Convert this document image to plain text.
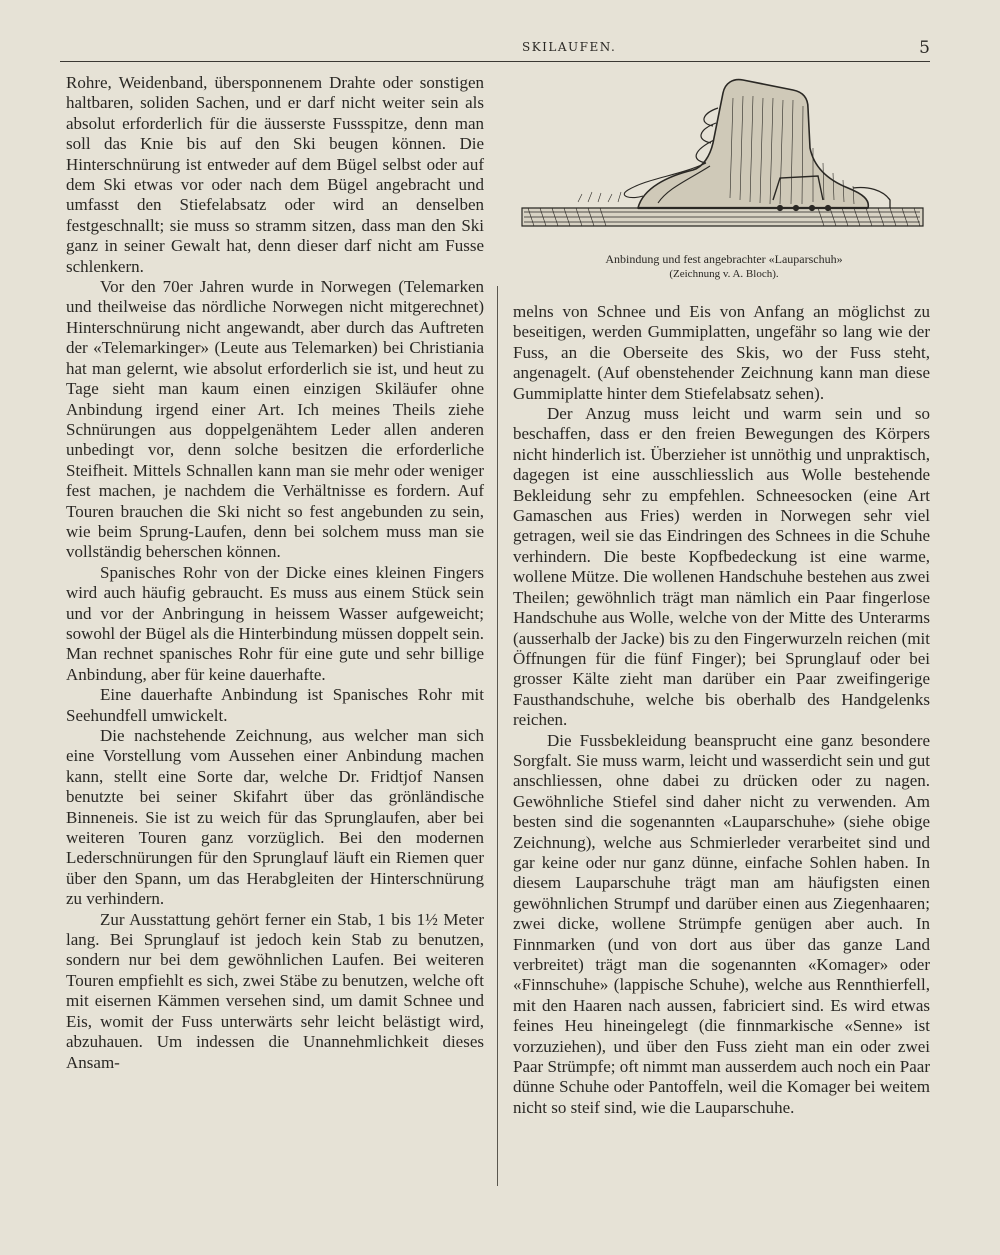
SKILAUFEN.	5
Anbindung und fest angebrachter «Lauparschuh»
(Zeichnung v. A. Bloch).

Rohre, Weidenband, übersponnenem Drahte oder sonstigen haltbaren, soliden Sachen, und er darf nicht weiter sein als absolut erforderlich für die äusserste Fussspitze, denn man soll das Knie bis auf den Ski beugen können. Die Hinterschnürung ist entweder auf dem Bügel selbst oder auf dem Ski etwas vor oder nach dem Bügel angebracht und umfasst den Stiefelabsatz oder wird an denselben festgeschnallt; sie muss so stramm sitzen, dass man den Ski ganz in seiner Gewalt hat, denn dieser darf nicht am Fusse schlenkern.

Vor den 70er Jahren wurde in Norwegen (Telemarken und theilweise das nördliche Norwegen nicht mitgerechnet) Hinterschnürung nicht angewandt, aber durch das Auftreten der «Telemarkinger» (Leute aus Telemarken) bei Christiania hat man gelernt, wie absolut erforderlich sie ist, und heut zu Tage sieht man kaum einen einzigen Skiläufer ohne Anbindung irgend einer Art. Ich meines Theils ziehe Schnürungen aus doppelgenähtem Leder allen anderen unbedingt vor, denn solche besitzen die erforderliche Steifheit. Mittels Schnallen kann man sie mehr oder weniger fest machen, je nachdem die Verhältnisse es fordern. Auf Touren brauchen die Ski nicht so fest angebunden zu sein, wie beim Sprung-Laufen, denn bei solchem muss man sie vollständig beherschen können.

Spanisches Rohr von der Dicke eines kleinen Fingers wird auch häufig gebraucht. Es muss aus einem Stück sein und vor der Anbringung in heissem Wasser aufgeweicht; sowohl der Bügel als die Hinterbindung müssen doppelt sein. Man rechnet spanisches Rohr für eine gute und sehr billige Anbindung, aber für keine dauerhafte.

Eine dauerhafte Anbindung ist Spanisches Rohr mit Seehundfell umwickelt.

Die nachstehende Zeichnung, aus welcher man sich eine Vorstellung vom Aussehen einer Anbindung machen kann, stellt eine Sorte dar, welche Dr. Fridtjof Nansen benutzte bei seiner Skifahrt über das grönländische Binneneis. Sie ist zu weich für das Sprunglaufen, aber bei weiteren Touren ganz vorzüglich. Bei den modernen Lederschnürungen für den Sprunglauf läuft ein Riemen quer über den Spann, um das Herabgleiten der Hinterschnürung zu verhindern.

Zur Ausstattung gehört ferner ein Stab, 1 bis 1½ Meter lang. Bei Sprunglauf ist jedoch kein Stab zu benutzen, sondern nur bei dem gewöhnlichen Laufen. Bei weiteren Touren empfiehlt es sich, zwei Stäbe zu benutzen, welche oft mit eisernen Kämmen versehen sind, um damit Schnee und Eis, womit der Fuss unterwärts sehr leicht belästigt wird, abzuhauen. Um indessen die Unannehmlichkeit dieses Ansam-

melns von Schnee und Eis von Anfang an möglichst zu beseitigen, werden Gummiplatten, ungefähr so lang wie der Fuss, an die Oberseite des Skis, wo der Fuss steht, angenagelt. (Auf obenstehender Zeichnung kann man diese Gummiplatte hinter dem Stiefelabsatz sehen).

Der Anzug muss leicht und warm sein und so beschaffen, dass er den freien Bewegungen des Körpers nicht hinderlich ist. Überzieher ist unnöthig und unpraktisch, dagegen ist eine ausschliesslich aus Wolle bestehende Bekleidung sehr zu empfehlen. Schneesocken (eine Art Gamaschen aus Fries) werden in Norwegen sehr viel getragen, weil sie das Eindringen des Schnees in die Schuhe verhindern. Die beste Kopfbedeckung ist eine warme, wollene Mütze. Die wollenen Handschuhe bestehen aus zwei Theilen; gewöhnlich trägt man nämlich ein Paar fingerlose Handschuhe aus Wolle, welche von der Mitte des Unterarms (ausserhalb der Jacke) bis zu den Fingerwurzeln reichen (mit Öffnungen für die fünf Finger); bei Sprunglauf oder bei grosser Kälte zieht man darüber ein Paar zweifingerige Fausthandschuhe, welche bis oberhalb des Handgelenks reichen.

Die Fussbekleidung beansprucht eine ganz besondere Sorgfalt. Sie muss warm, leicht und wasserdicht sein und gut anschliessen, ohne dabei zu drücken oder zu nagen. Gewöhnliche Stiefel sind daher nicht zu verwenden. Am besten sind die sogenannten «Lauparschuhe» (siehe obige Zeichnung), welche aus Schmierleder verarbeitet sind und gar keine oder nur ganz dünne, einfache Sohlen haben. In diesem Lauparschuhe trägt man am häufigsten einen gewöhnlichen Strumpf und darüber einen aus Ziegenhaaren; zwei dicke, wollene Strümpfe genügen aber auch. In Finnmarken (und von dort aus über das ganze Land verbreitet) trägt man die sogenannten «Komager» oder «Finnschuhe» (lappische Schuhe), welche aus Rennthierfell, mit den Haaren nach aussen, fabriciert sind. Es wird etwas feines Heu hineingelegt (die finnmarkische «Senne» ist vorzuziehen), und über den Fuss zieht man ein oder zwei Paar Strümpfe; oft nimmt man ausserdem auch noch ein Paar dünne Schuhe oder Pantoffeln, weil die Komager bei weitem nicht so steif sind, wie die Lauparschuhe.
